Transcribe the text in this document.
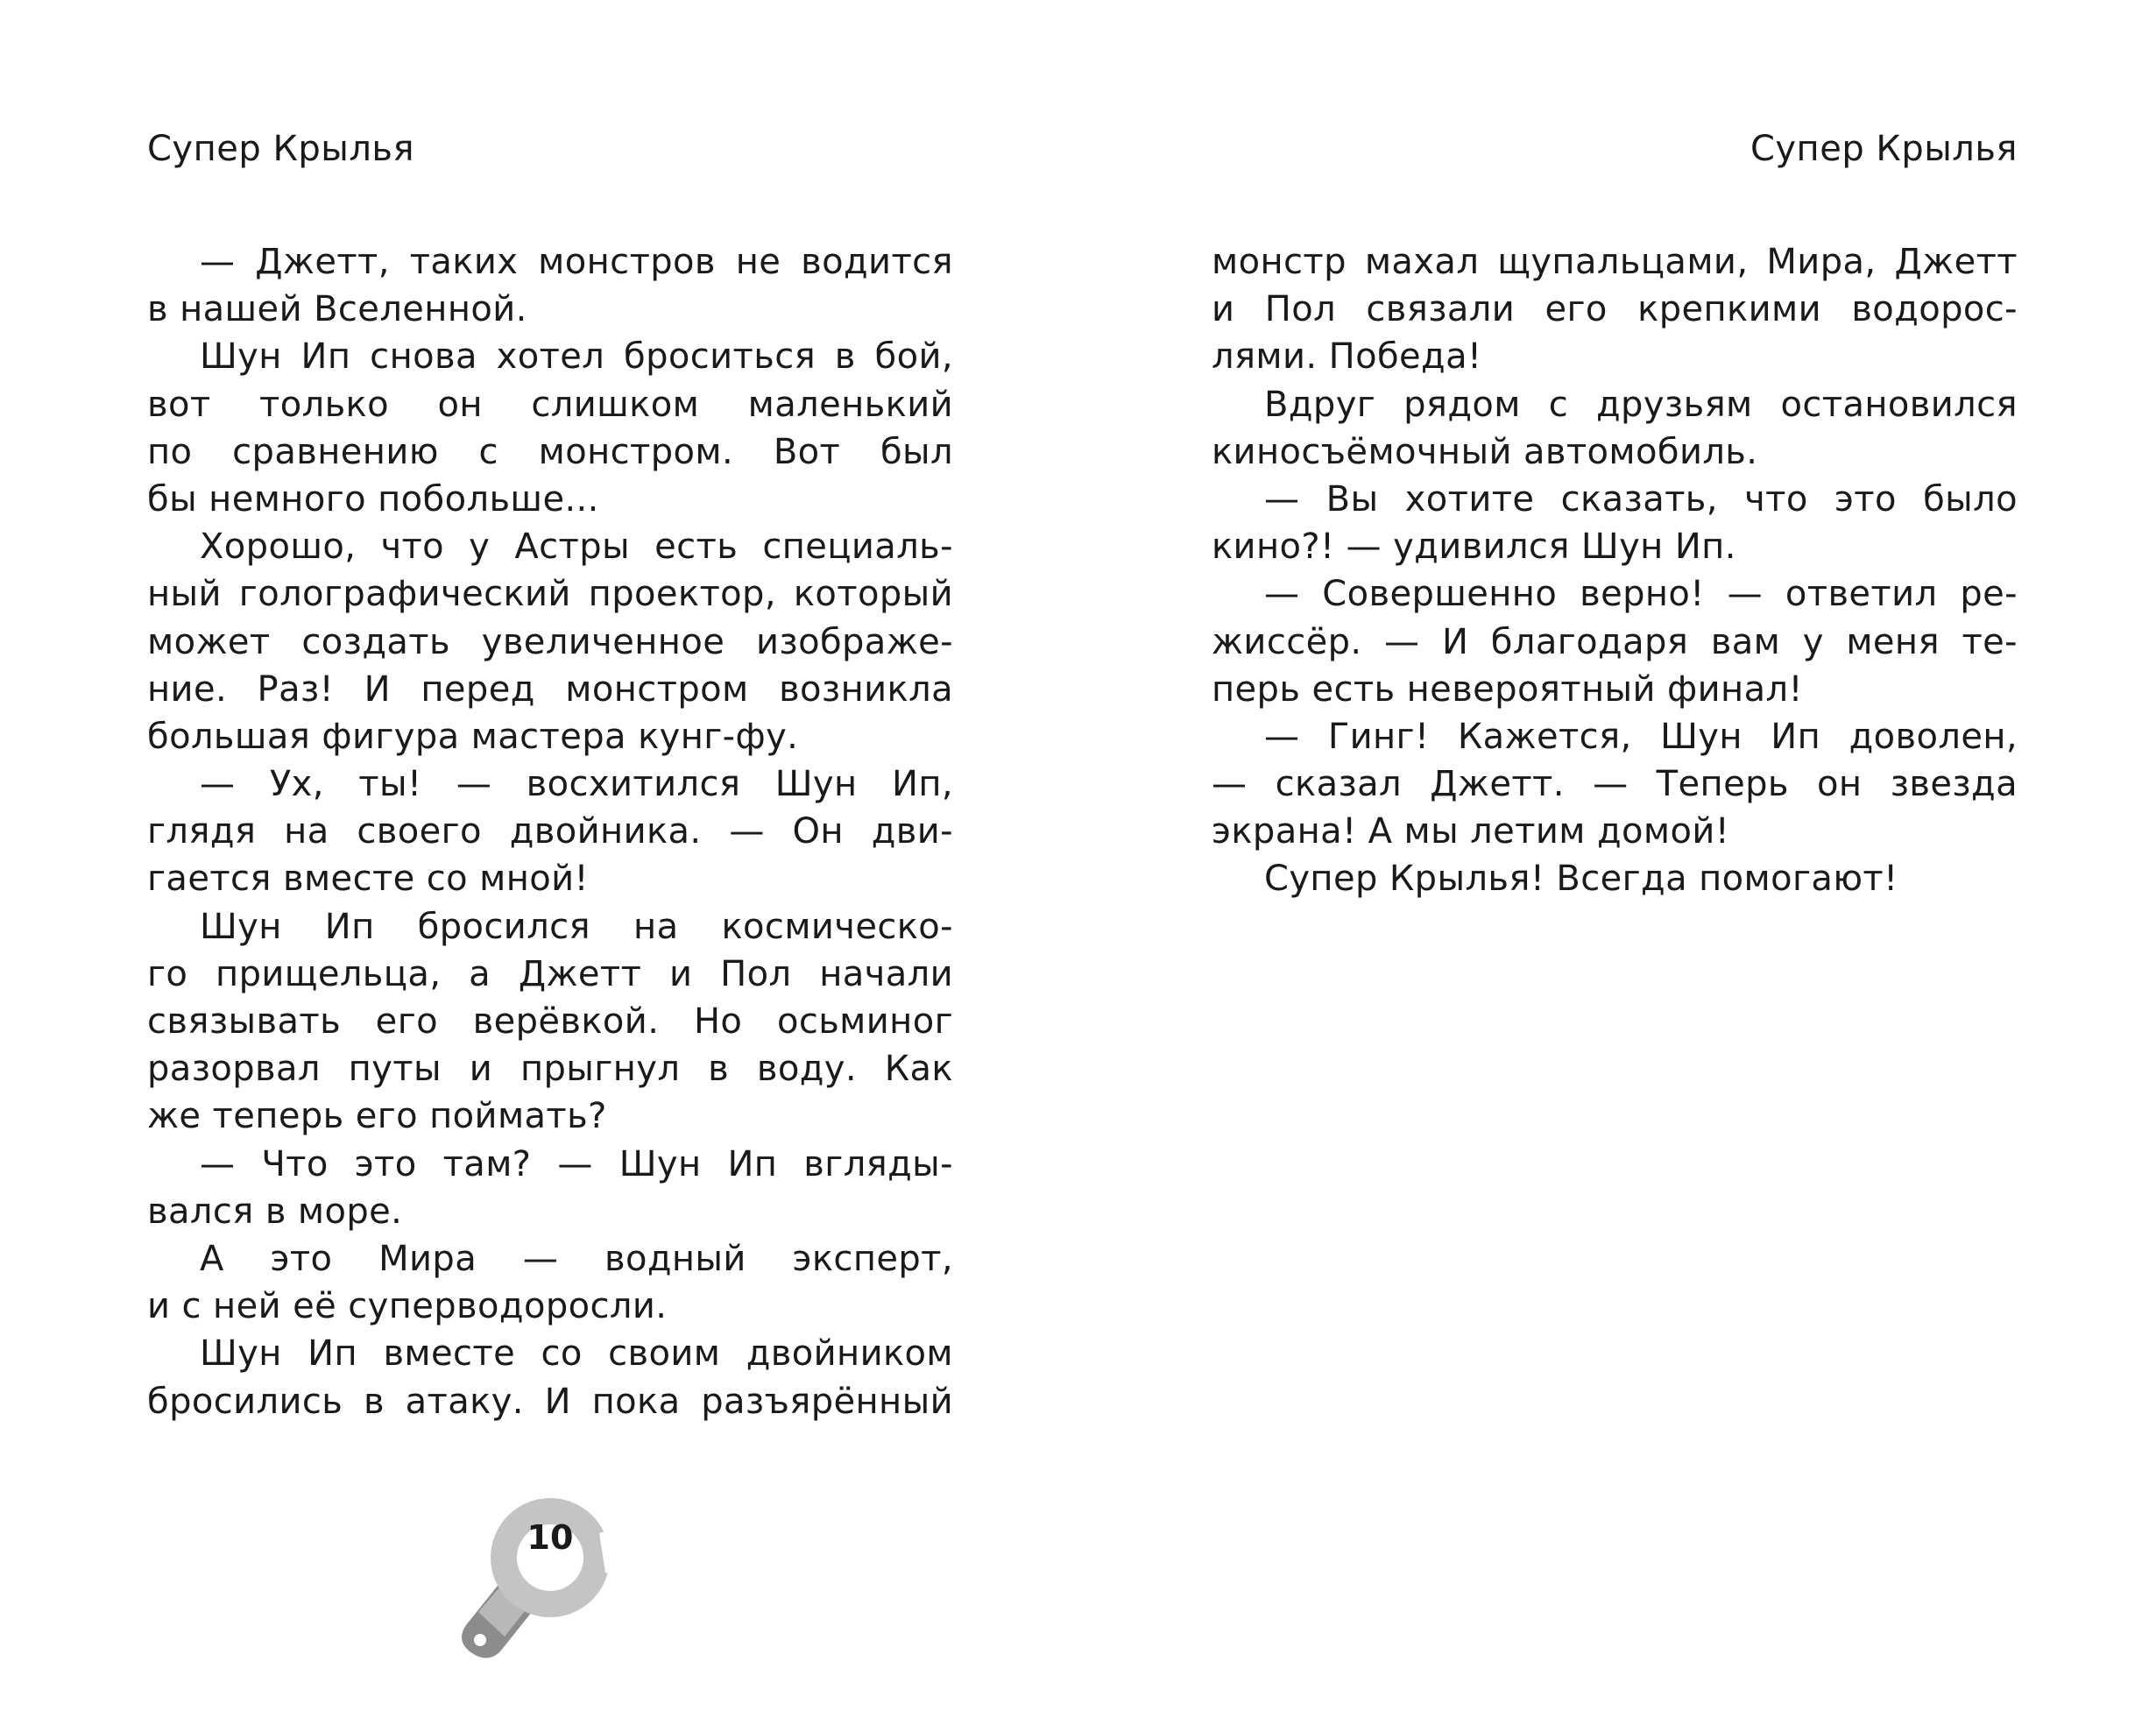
Супер Крылья	Супер Крылья
— Джетт, таких монстров не водится
в нашей Вселенной.
Шун Ип снова хотел броситься в бой,
вот только он слишком маленький
по сравнению с монстром. Вот был
бы немного побольше...
Хорошо, что у Астры есть специаль-
ный голографический проектор, который
может создать увеличенное изображе-
ние. Раз! И перед монстром возникла
большая фигура мастера кунг-фу.
— Ух, ты! — восхитился Шун Ип,
глядя на своего двойника. — Он дви-
гается вместе со мной!
Шун Ип бросился на космическо-
го прищельца, а Джетт и Пол начали
связывать его верёвкой. Но осьминог
разорвал путы и прыгнул в воду. Как
же теперь его поймать?
— Что это там? — Шун Ип вгляды-
вался в море.
А это Мира — водный эксперт,
и с ней её суперводоросли.
Шун Ип вместе со своим двойником
бросились в атаку. И пока разъярённый
монстр махал щупальцами, Мира, Джетт
и Пол связали его крепкими водорос-
лями. Победа!
Вдруг рядом с друзьям остановился
киносъёмочный автомобиль.
— Вы хотите сказать, что это было
кино?! — удивился Шун Ип.
— Совершенно верно! — ответил ре-
жиссёр. — И благодаря вам у меня те-
перь есть невероятный финал!
— Гинг! Кажется, Шун Ип доволен,
— сказал Джетт. — Теперь он звезда
экрана! А мы летим домой!
Супер Крылья! Всегда помогают!
10
